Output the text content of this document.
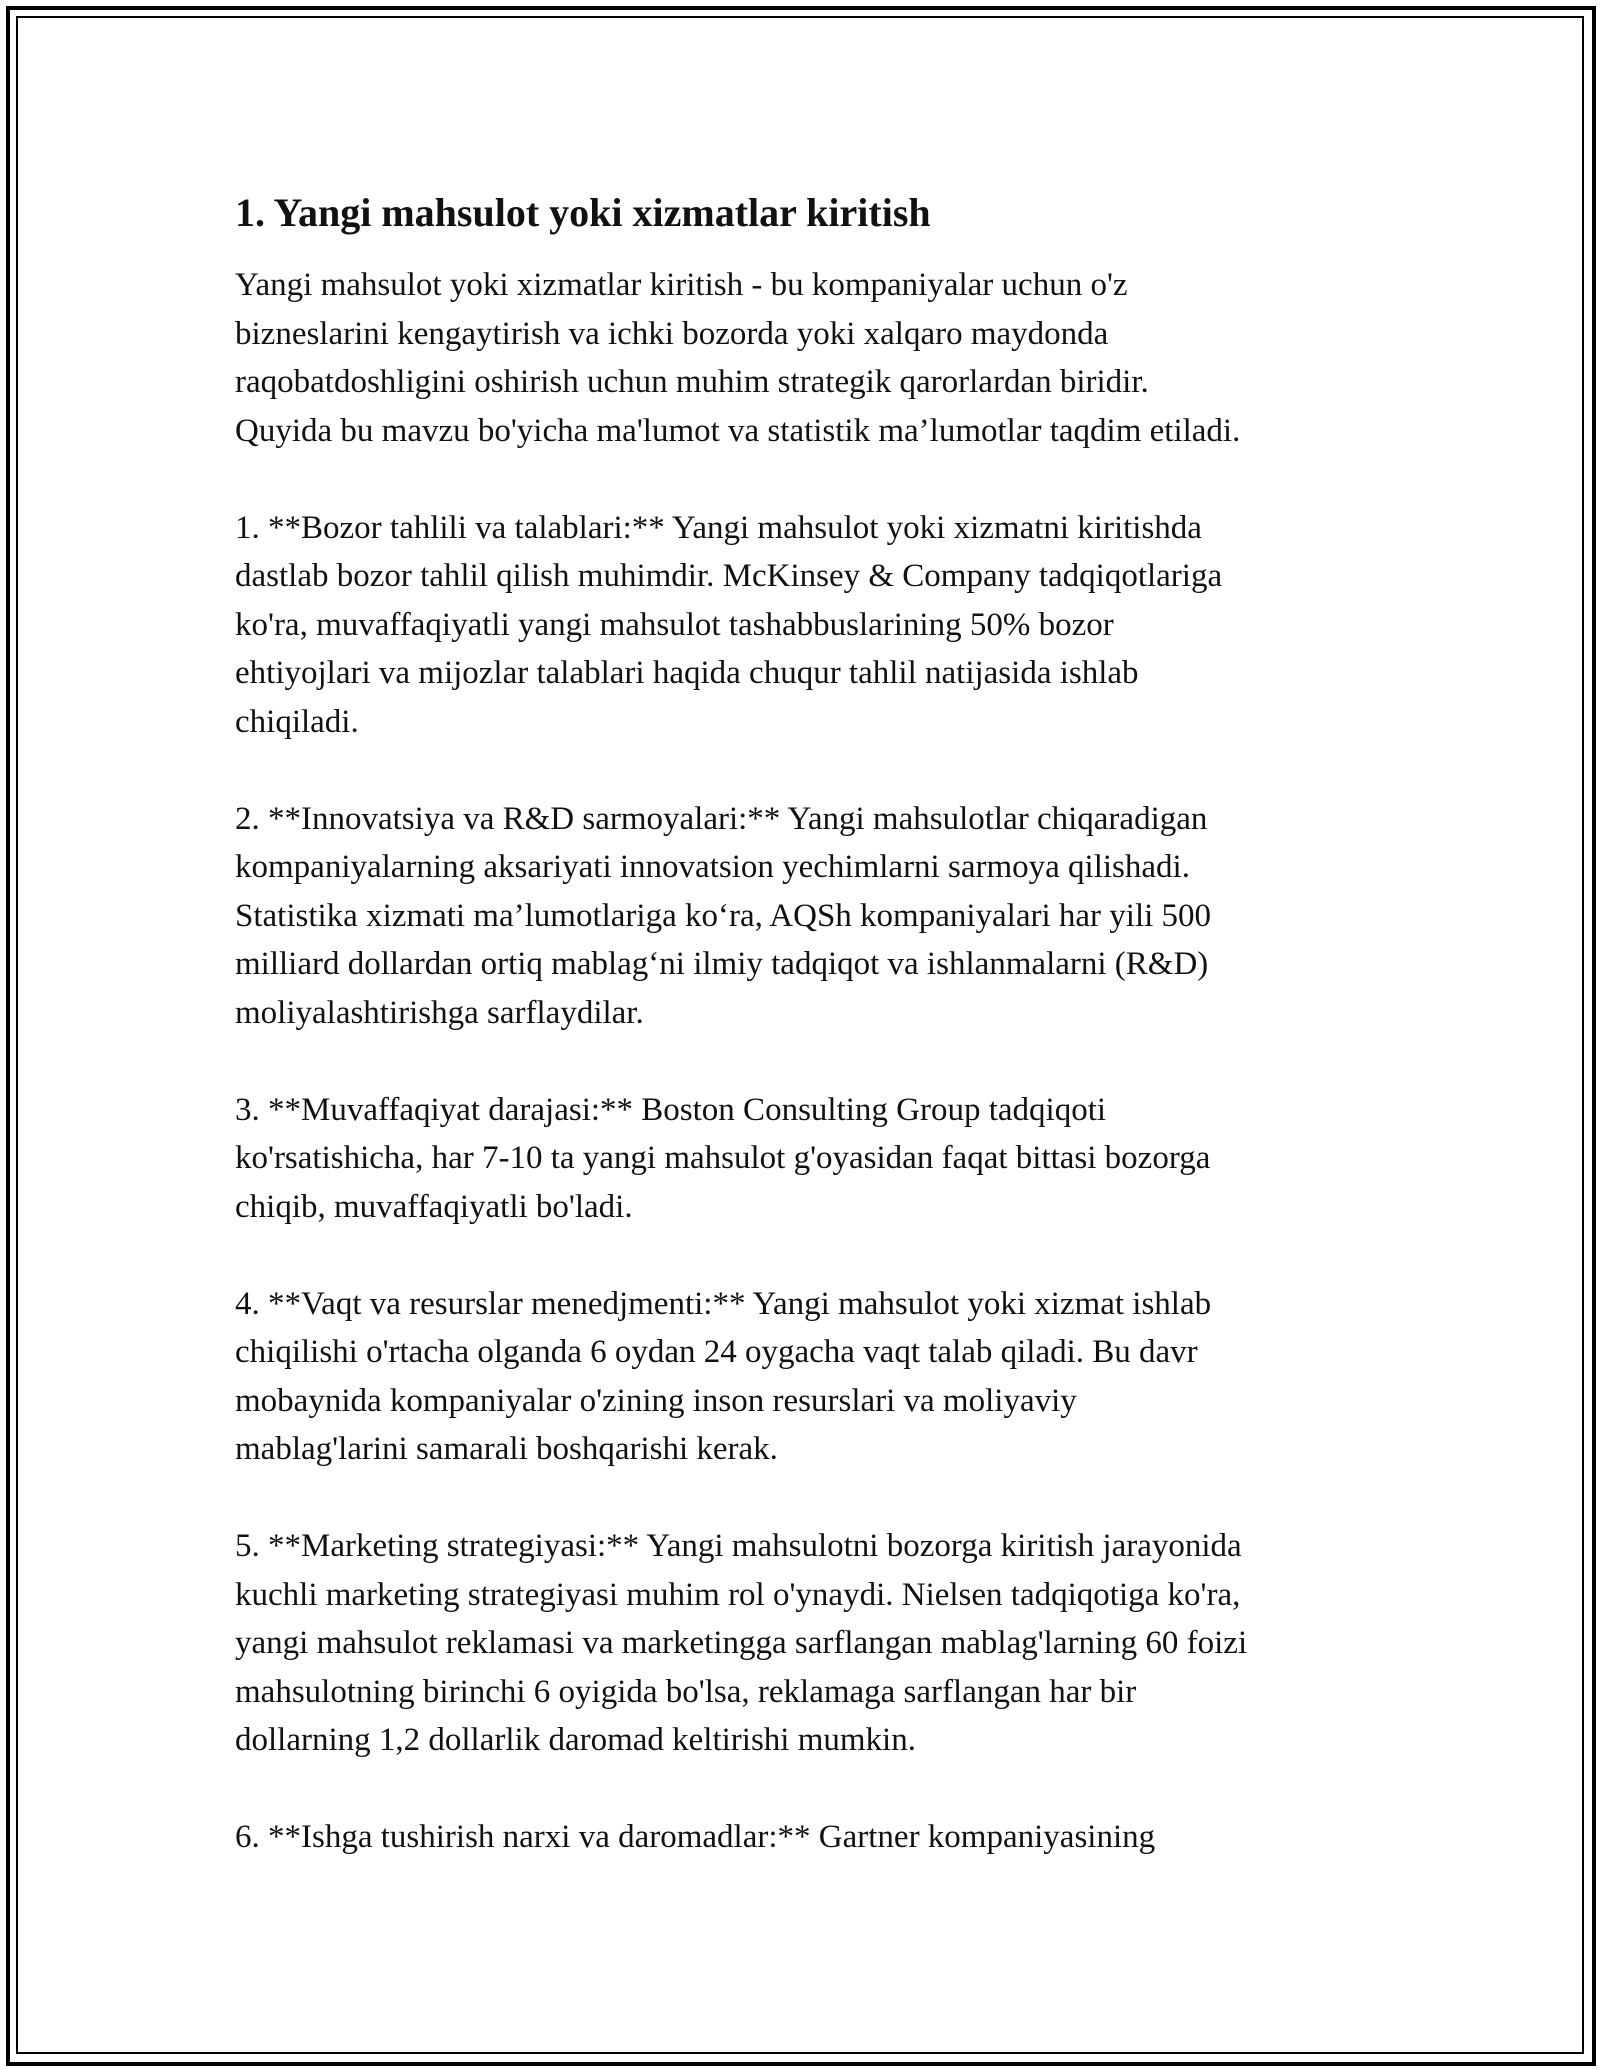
1. Yangi mahsulot yoki xizmatlar kiritish

Yangi mahsulot yoki xizmatlar kiritish - bu kompaniyalar uchun o'z
bizneslarini kengaytirish va ichki bozorda yoki xalqaro maydonda
raqobatdoshligini oshirish uchun muhim strategik qarorlardan biridir.
Quyida bu mavzu bo'yicha ma'lumot va statistik ma’lumotlar taqdim etiladi.

1. **Bozor tahlili va talablari:** Yangi mahsulot yoki xizmatni kiritishda
dastlab bozor tahlil qilish muhimdir. McKinsey & Company tadqiqotlariga
ko'ra, muvaffaqiyatli yangi mahsulot tashabbuslarining 50% bozor
ehtiyojlari va mijozlar talablari haqida chuqur tahlil natijasida ishlab
chiqiladi.

2. **Innovatsiya va R&D sarmoyalari:** Yangi mahsulotlar chiqaradigan
kompaniyalarning aksariyati innovatsion yechimlarni sarmoya qilishadi.
Statistika xizmati ma’lumotlariga ko‘ra, AQSh kompaniyalari har yili 500
milliard dollardan ortiq mablag‘ni ilmiy tadqiqot va ishlanmalarni (R&D)
moliyalashtirishga sarflaydilar.

3. **Muvaffaqiyat darajasi:** Boston Consulting Group tadqiqoti
ko'rsatishicha, har 7-10 ta yangi mahsulot g'oyasidan faqat bittasi bozorga
chiqib, muvaffaqiyatli bo'ladi.

4. **Vaqt va resurslar menedjmenti:** Yangi mahsulot yoki xizmat ishlab
chiqilishi o'rtacha olganda 6 oydan 24 oygacha vaqt talab qiladi. Bu davr
mobaynida kompaniyalar o'zining inson resurslari va moliyaviy
mablag'larini samarali boshqarishi kerak.

5. **Marketing strategiyasi:** Yangi mahsulotni bozorga kiritish jarayonida
kuchli marketing strategiyasi muhim rol o'ynaydi. Nielsen tadqiqotiga ko'ra,
yangi mahsulot reklamasi va marketingga sarflangan mablag'larning 60 foizi
mahsulotning birinchi 6 oyigida bo'lsa, reklamaga sarflangan har bir
dollarning 1,2 dollarlik daromad keltirishi mumkin.

6. **Ishga tushirish narxi va daromadlar:** Gartner kompaniyasining
